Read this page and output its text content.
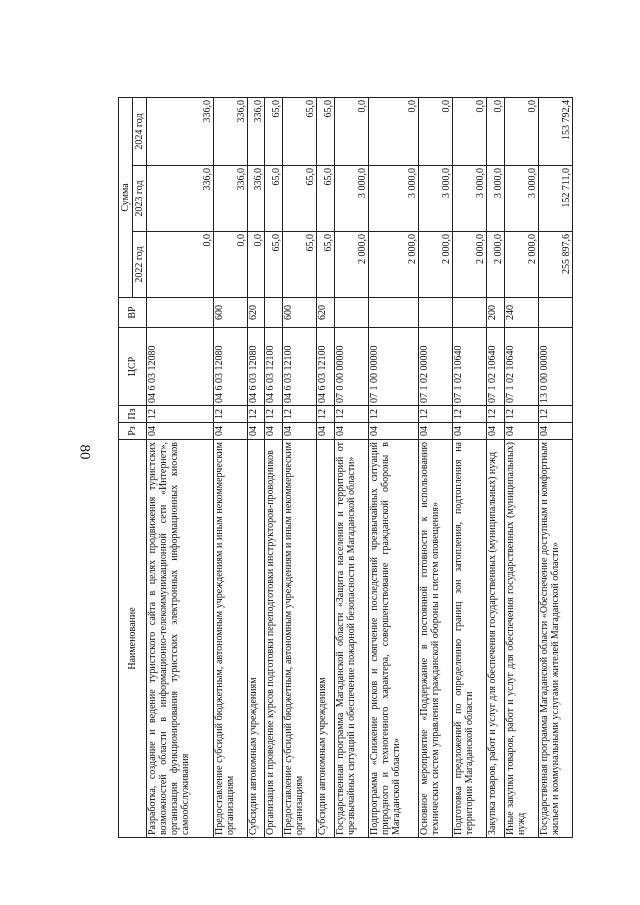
80
Наименование	Рз	Пз	ЦСР	ВР	Сумма		
					2022 год	2023 год	2024 год
Разработка, создание и ведение туристского сайта в целях продвижения туристских возможностей области в информационно-телекоммуникационной сети «Интернет», организация функционирования туристских электронных информационных киосков самообслуживания	04	12	04 6 03 12080		0,0	336,0	336,0
Предоставление субсидий бюджетным, автономным учреждениям и иным некоммерческим организациям	04	12	04 6 03 12080	600	0,0	336,0	336,0
Субсидии автономным учреждениям	04	12	04 6 03 12080	620	0,0	336,0	336,0
Организация и проведение курсов подготовки переподготовки инструкторов-проводников	04	12	04 6 03 12100		65,0	65,0	65,0
Предоставление субсидий бюджетным, автономным учреждениям и иным некоммерческим организациям	04	12	04 6 03 12100	600	65,0	65,0	65,0
Субсидии автономным учреждениям	04	12	04 6 03 12100	620	65,0	65,0	65,0
Государственная программа Магаданской области «Защита населения и территорий от чрезвычайных ситуаций и обеспечение пожарной безопасности в Магаданской области»	04	12	07 0 00 00000		2 000,0	3 000,0	0,0
Подпрограмма «Снижение рисков и смягчение последствий чрезвычайных ситуаций природного и техногенного характера, совершенствование гражданской обороны в Магаданской области»	04	12	07 1 00 00000		2 000,0	3 000,0	0,0
Основное мероприятие «Поддержание в постоянной готовности к использованию технических систем управления гражданской обороны и систем оповещения»	04	12	07 1 02 00000		2 000,0	3 000,0	0,0
Подготовка предложений по определению границ зон затопления, подтопления на территории Магаданской области	04	12	07 1 02 10640		2 000,0	3 000,0	0,0
Закупка товаров, работ и услуг для обеспечения государственных (муниципальных) нужд	04	12	07 1 02 10640	200	2 000,0	3 000,0	0,0
Иные закупки товаров, работ и услуг для обеспечения государственных (муниципальных) нужд	04	12	07 1 02 10640	240	2 000,0	3 000,0	0,0
Государственная программа Магаданской области «Обеспечение доступным и комфортным жильем и коммунальными услугами жителей Магаданской области»	04	12	13 0 00 00000		255 897,6	152 711,0	153 792,4
